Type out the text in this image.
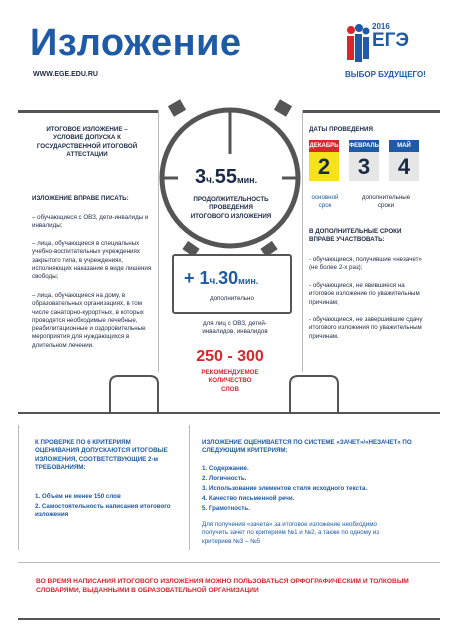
Изложение
WWW.EGE.EDU.RU
2016
ЕГЭ
ВЫБОР БУДУЩЕГО!
ИТОГОВОЕ ИЗЛОЖЕНИЕ – УСЛОВИЕ ДОПУСКА К ГОСУДАРСТВЕННОЙ ИТОГОВОЙ АТТЕСТАЦИИ
ИЗЛОЖЕНИЕ ВПРАВЕ ПИСАТЬ:
– обучающиеся с ОВЗ, дети-инвалиды и инвалиды;
– лица, обучающиеся в специальных учебно-воспитательных учреждениях закрытого типа, в учреждениях, исполняющих наказание в виде лишения свободы;
– лица, обучающиеся на дому, в образовательных организациях, в том числе санаторно-курортных, в которых проводятся необходимые лечебные, реабилитационные и оздоровительные мероприятия для нуждающихся в длительном лечении.
3ч.55мин.
ПРОДОЛЖИТЕЛЬНОСТЬ ПРОВЕДЕНИЯ ИТОГОВОГО ИЗЛОЖЕНИЯ
+ 1ч.30мин.
дополнительно
для лиц с ОВЗ, детей-инвалидов, инвалидов
250 - 300
РЕКОМЕНДУЕМОЕ КОЛИЧЕСТВО СЛОВ
ДАТЫ ПРОВЕДЕНИЯ
ДЕКАБРЬ
2
ФЕВРАЛЬ
3
МАЙ
4
основной срок
дополнительные сроки
В ДОПОЛНИТЕЛЬНЫЕ СРОКИ ВПРАВЕ УЧАСТВОВАТЬ:
- обучающиеся, получившие «незачет» (не более 2-х раз);
- обучающиеся, не явившиеся на итоговое изложение по уважительным причинам;
- обучающиеся, не завершившие сдачу итогового изложения по уважительным причинам.
К ПРОВЕРКЕ ПО 6 КРИТЕРИЯМ ОЦЕНИВАНИЯ ДОПУСКАЮТСЯ ИТОГОВЫЕ ИЗЛОЖЕНИЯ, СООТВЕТСТВУЮЩИЕ 2-м ТРЕБОВАНИЯМ:
1. Объем не менее 150 слов
2. Самостоятельность написания итогового изложения
ИЗЛОЖЕНИЕ ОЦЕНИВАЕТСЯ ПО СИСТЕМЕ «ЗАЧЕТ»/«НЕЗАЧЕТ» ПО СЛЕДУЮЩИМ КРИТЕРИЯМ:
1. Содержание.
2. Логичность.
3. Использование элементов стиля исходного текста.
4. Качество письменной речи.
5. Грамотность.
Для получения «зачета» за итоговое изложение необходимо получить зачет по критериям №1 и №2, а также по одному из критериев №3 – №5
ВО ВРЕМЯ НАПИСАНИЯ ИТОГОВОГО ИЗЛОЖЕНИЯ МОЖНО ПОЛЬЗОВАТЬСЯ ОРФОГРАФИЧЕСКИМ И ТОЛКОВЫМ СЛОВАРЯМИ, ВЫДАННЫМИ В ОБРАЗОВАТЕЛЬНОЙ ОРГАНИЗАЦИИ
